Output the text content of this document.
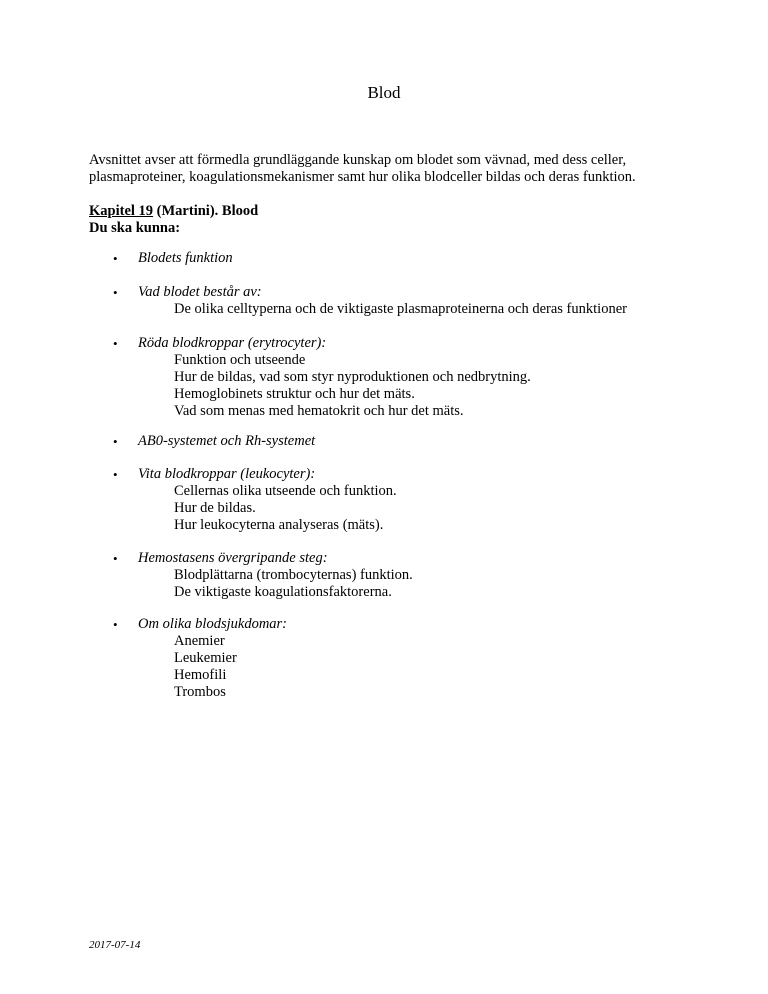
Blod

Avsnittet avser att förmedla grundläggande kunskap om blodet som vävnad, med dess celler, plasmaproteiner, koagulationsmekanismer samt hur olika blodceller bildas och deras funktion.

Kapitel 19 (Martini). Blood
Du ska kunna:
• Blodets funktion
• Vad blodet består av:
De olika celltyperna och de viktigaste plasmaproteinerna och deras funktioner
• Röda blodkroppar (erytrocyter):
Funktion och utseende
Hur de bildas, vad som styr nyproduktionen och nedbrytning.
Hemoglobinets struktur och hur det mäts.
Vad som menas med hematokrit och hur det mäts.
• AB0-systemet och Rh-systemet
• Vita blodkroppar (leukocyter):
Cellernas olika utseende och funktion.
Hur de bildas.
Hur leukocyterna analyseras (mäts).
• Hemostasens övergripande steg:
Blodplättarna (trombocyternas) funktion.
De viktigaste koagulationsfaktorerna.
• Om olika blodsjukdomar:
Anemier
Leukemier
Hemofili
Trombos
2017-07-14
